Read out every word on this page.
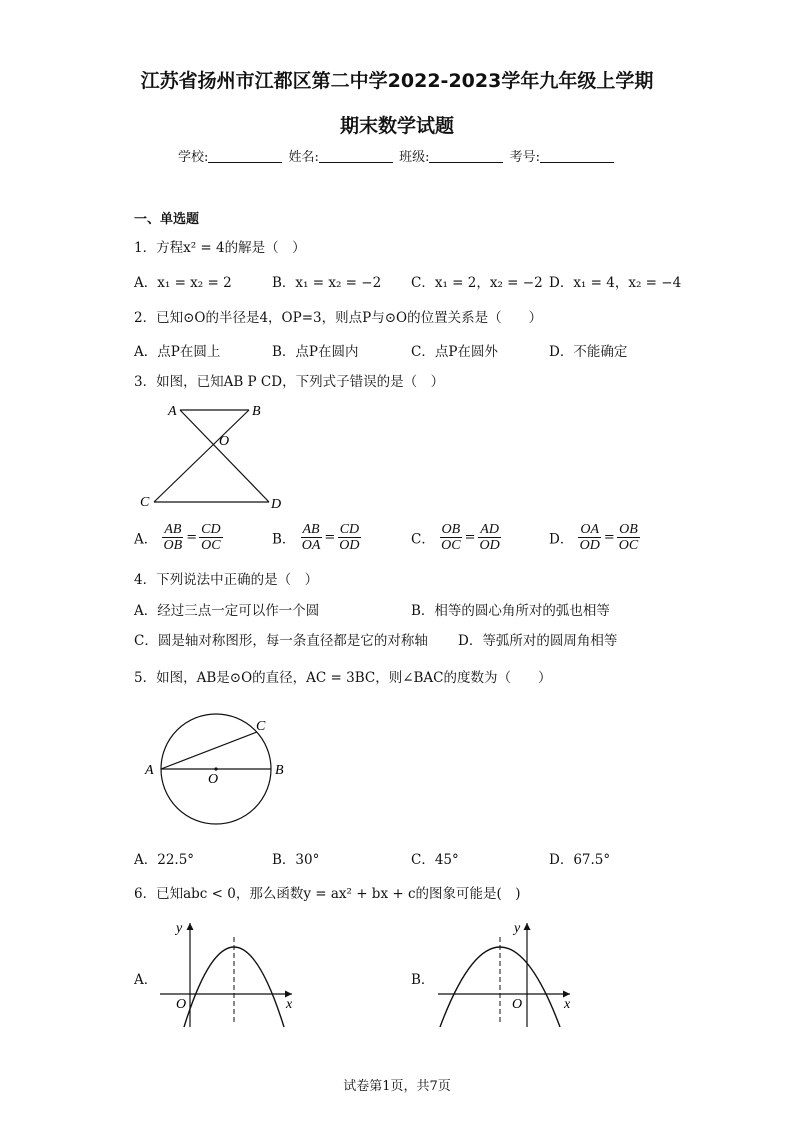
江苏省扬州市江都区第二中学2022-2023学年九年级上学期
期末数学试题
学校:	姓名:	班级:	考号:
一、单选题
1．方程x² = 4的解是（　）
A．x₁ = x₂ = 2	B．x₁ = x₂ = −2 C．x₁ = 2，x₂ = −2 D．x₁ = 4，x₂ = −4
2．已知⊙O的半径是4，OP=3，则点P与⊙O的位置关系是（　　）
A．点P在圆上	B．点P在圆内	C．点P在圆外	D．不能确定
3．如图，已知AB P CD，下列式子错误的是（　）
A	B
O
C	D
A． $\frac{AB}{OB} = \frac{CD}{OC}$	B． $\frac{AB}{OA} = \frac{CD}{OD}$	C． $\frac{OB}{OC} = \frac{AD}{OD}$	D． $\frac{OA}{OD} = \frac{OB}{OC}$
4．下列说法中正确的是（　）
A．经过三点一定可以作一个圆	B．相等的圆心角所对的弧也相等
C．圆是轴对称图形，每一条直径都是它的对称轴 D．等弧所对的圆周角相等
5．如图，AB是⊙O的直径，AC = 3BC，则∠BAC的度数为（　　）
A
O
B
C
A．22.5°	B．30°	C．45°	D．67.5°
6．已知abc < 0，那么函数y = ax² + bx + c的图象可能是(　)
A．
y
x
O
B．
y
x
O
试卷第1页，共7页
